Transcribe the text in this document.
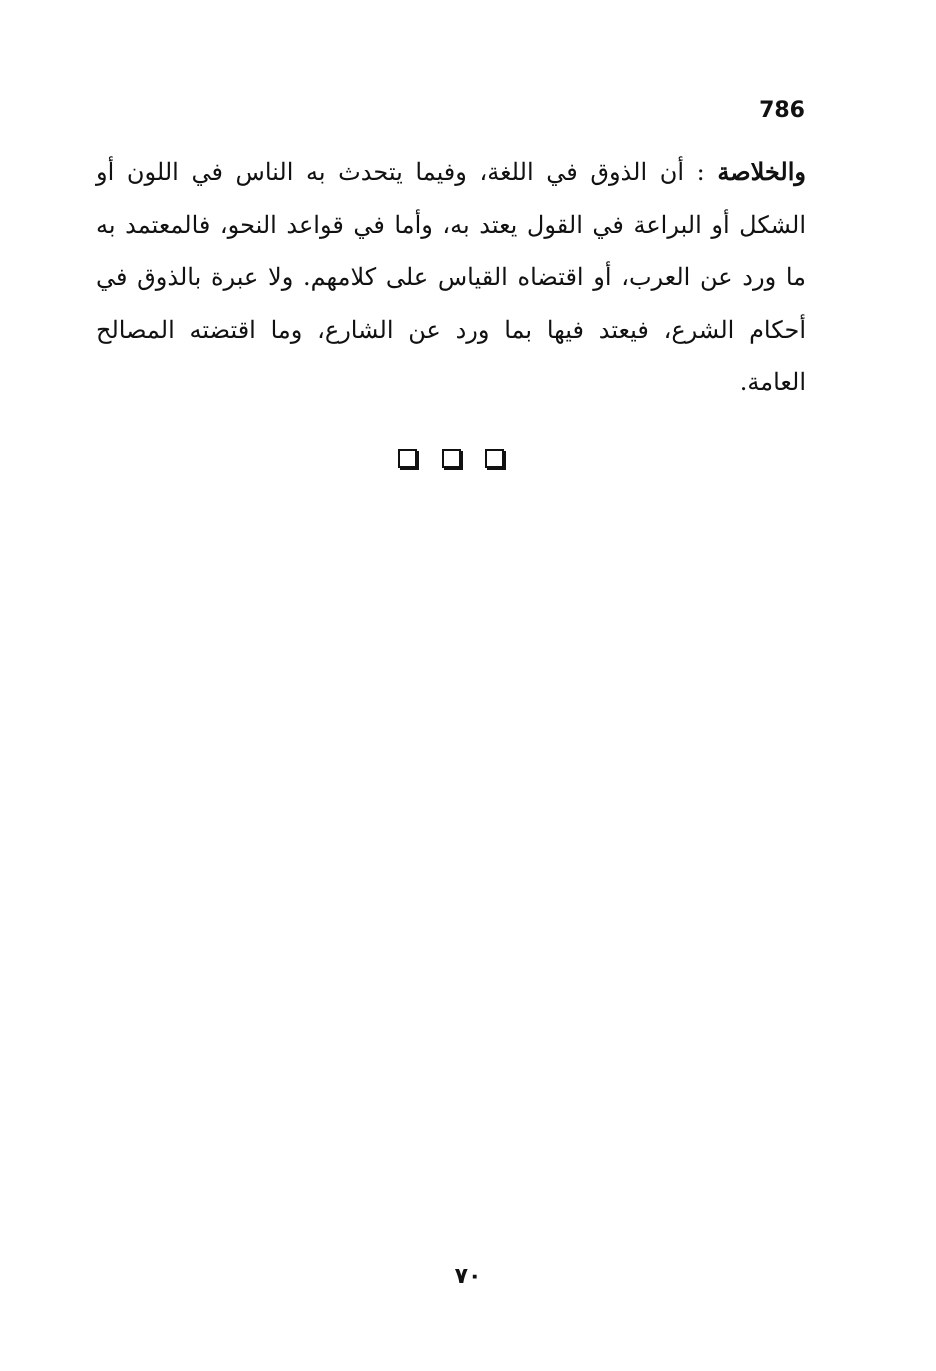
786
والخلاصة : أن الذوق في اللغة، وفيما يتحدث به الناس في اللون أو الشكل أو البراعة في القول يعتد به، وأما في قواعد النحو، فالمعتمد به ما ورد عن العرب، أو اقتضاه القياس على كلامهم. ولا عبرة بالذوق في أحكام الشرع، فيعتد فيها بما ورد عن الشارع، وما اقتضته المصالح العامة.
٧٠
